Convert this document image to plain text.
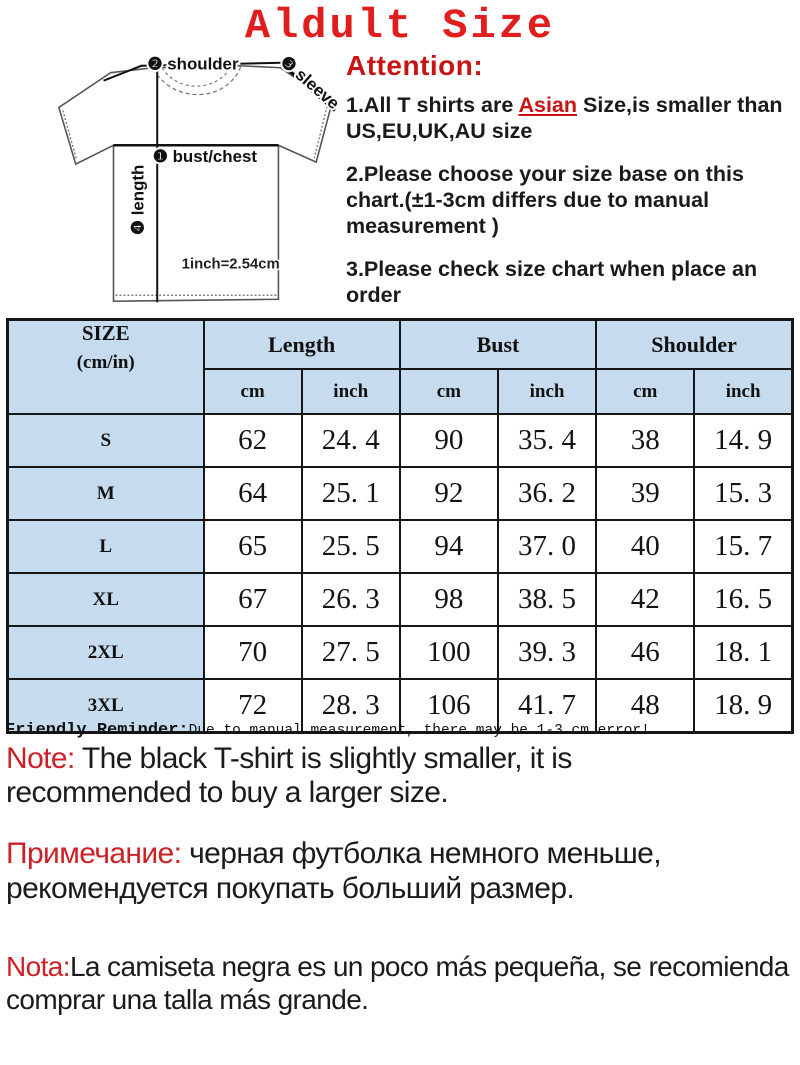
Aldult Size
❷ shoulder ❸ sleeve
❶ bust/chest
❹ length
1inch=2.54cm
Attention:

1.All T shirts are Asian Size,is smaller than US,EU,UK,AU size

2.Please choose your size base on this chart.(±1-3cm differs due to manual measurement )

3.Please check size chart when place an order

SIZE
(cm/in)	Length		Bust		Shoulder	
	cm	inch	cm	inch	cm	inch
S	62	24. 4	90	35. 4	38	14. 9
M	64	25. 1	92	36. 2	39	15. 3
L	65	25. 5	94	37. 0	40	15. 7
XL	67	26. 3	98	38. 5	42	16. 5
2XL	70	27. 5	100	39. 3	46	18. 1
3XL	72	28. 3	106	41. 7	48	18. 9
Friendly Reminder:Due to manual measurement, there may be 1-3 cm error!
Note: The black T-shirt is slightly smaller, it is recommended to buy a larger size.
Примечание: черная футболка немного меньше, рекомендуется покупать больший размер.
Nota:La camiseta negra es un poco más pequeña, se recomienda comprar una talla más grande.
